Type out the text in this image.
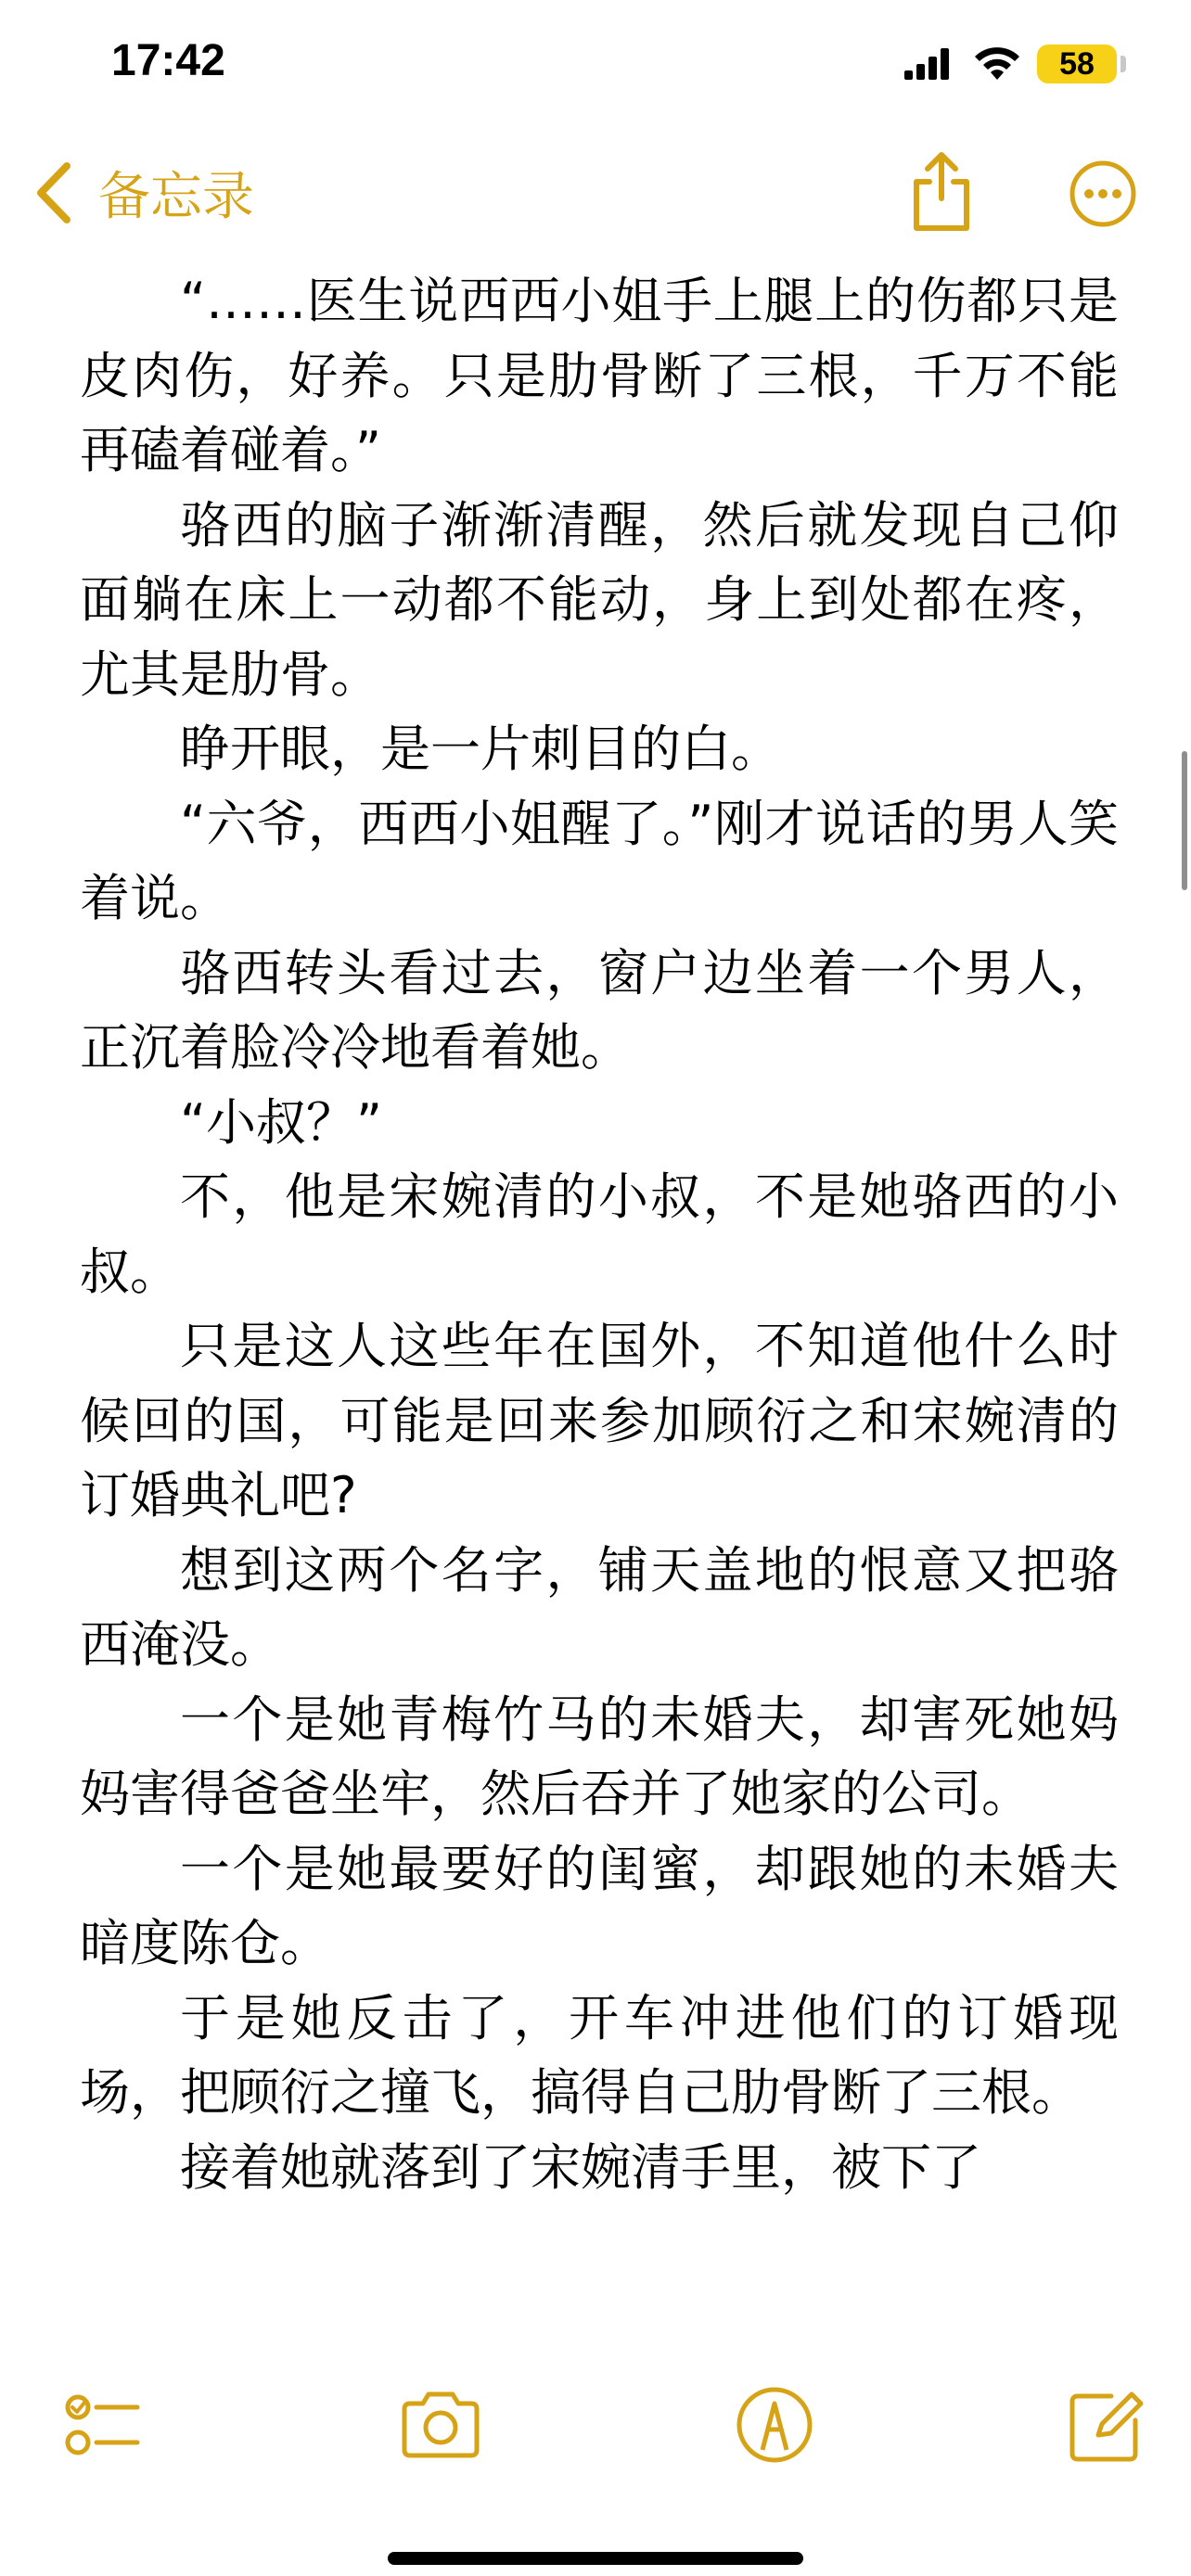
17:42	58
备忘录

“……医生说西西小姐手上腿上的伤都只是皮肉伤，好养。只是肋骨断了三根，千万不能再磕着碰着。”

骆西的脑子渐渐清醒，然后就发现自己仰面躺在床上一动都不能动，身上到处都在疼，尤其是肋骨。

睁开眼，是一片刺目的白。

“六爷，西西小姐醒了。”刚才说话的男人笑着说。

骆西转头看过去，窗户边坐着一个男人，正沉着脸冷冷地看着她。

“小叔？”

不，他是宋婉清的小叔，不是她骆西的小叔。

只是这人这些年在国外，不知道他什么时候回的国，可能是回来参加顾衍之和宋婉清的订婚典礼吧?

想到这两个名字，铺天盖地的恨意又把骆西淹没。

一个是她青梅竹马的未婚夫，却害死她妈妈害得爸爸坐牢，然后吞并了她家的公司。

一个是她最要好的闺蜜，却跟她的未婚夫暗度陈仓。

于是她反击了，开车冲进他们的订婚现场，把顾衍之撞飞，搞得自己肋骨断了三根。

接着她就落到了宋婉清手里，被下了
